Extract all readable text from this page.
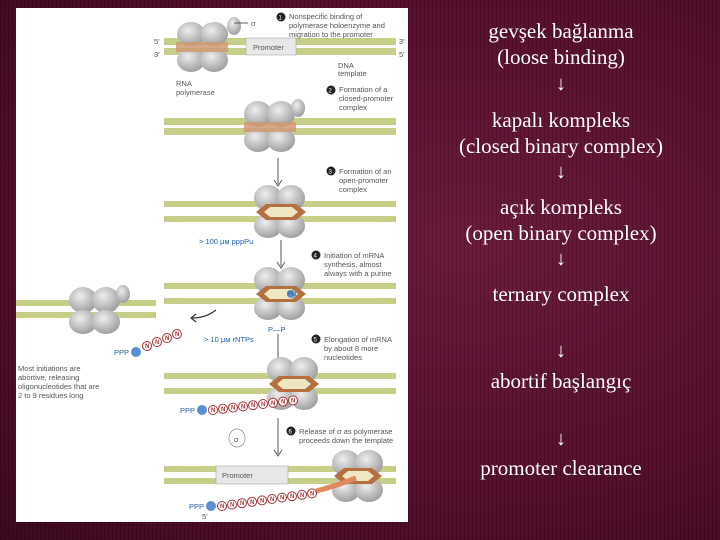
Promoter
5′
3′
3′
5′
σ
1 Nonspecific binding of
polymerase holoenzyme and
migration to the promoter
DNA
template
RNA
polymerase	2 Formation of a
closed-promoter
complex
3 Formation of an
open-promoter
complex
> 100 μм pppPu
4 Initiation of mRNA
synthesis, almost
always with a purine
Pu
P—P
PPP
N
N
N
N
Most initiations are
abortive, releasing
oligonucleotides that are
2 to 9 residues long
> 10 μм rNTPs	5 Elongation of mRNA
by about 8 more
nucleotides
N N N N N N N N N
PPP
σ
6 Release of σ as polymerase
proceeds down the template
Promoter
N N N N N N N N N N
PPP
5′
gevşek bağlanma
(loose binding)
kapalı kompleks
(closed binary complex)
açık kompleks
(open binary complex)
ternary complex
abortif başlangıç
promoter clearance
↓
↓
↓
↓
↓
